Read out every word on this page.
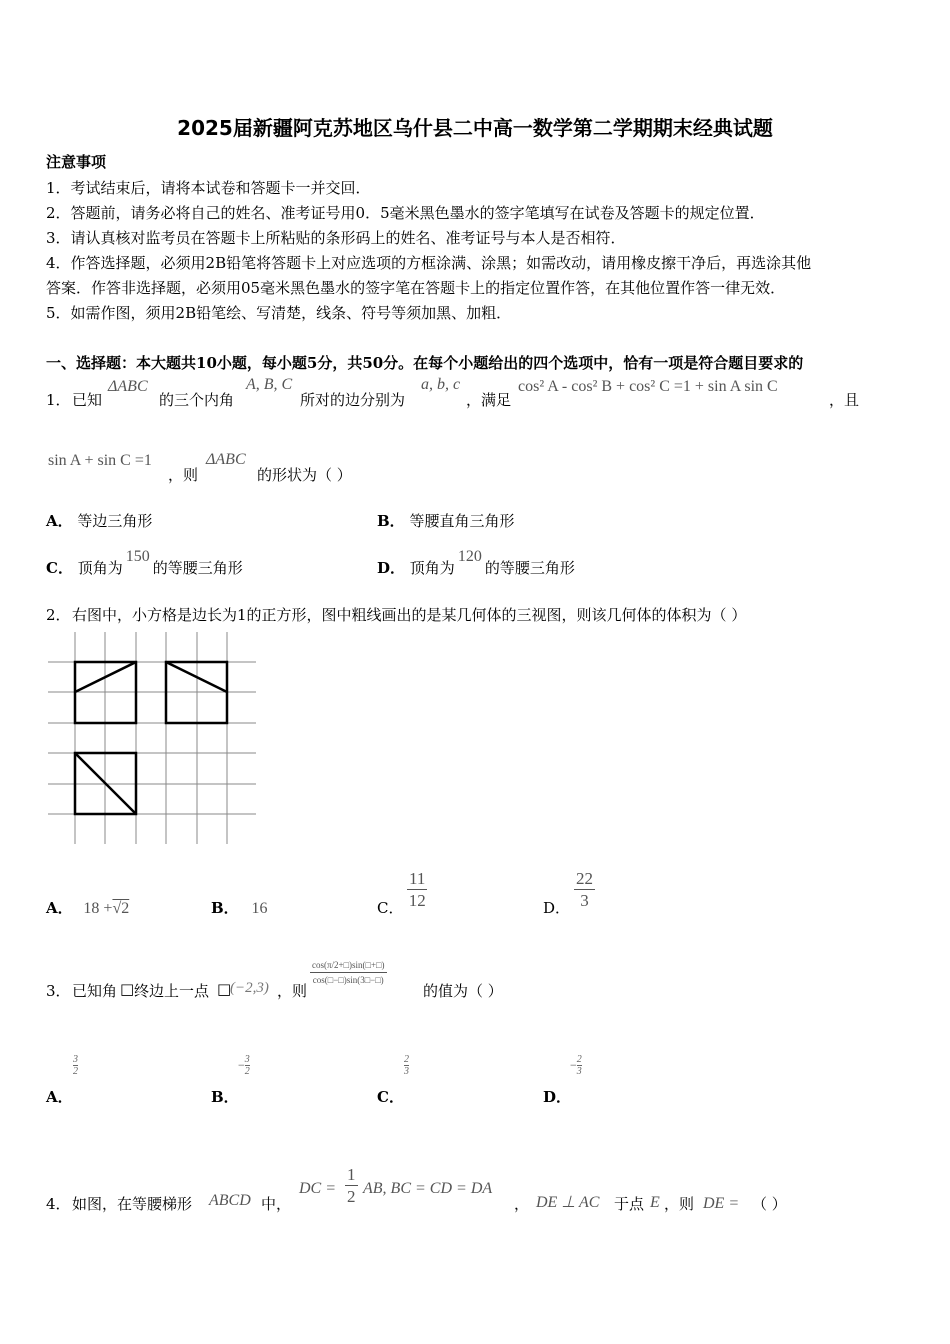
2025届新疆阿克苏地区乌什县二中高一数学第二学期期末经典试题
注意事项
1．考试结束后，请将本试卷和答题卡一并交回．
2．答题前，请务必将自己的姓名、准考证号用0．5毫米黑色墨水的签字笔填写在试卷及答题卡的规定位置．
3．请认真核对监考员在答题卡上所粘贴的条形码上的姓名、准考证号与本人是否相符．
4．作答选择题，必须用2B铅笔将答题卡上对应选项的方框涂满、涂黑；如需改动，请用橡皮擦干净后，再选涂其他
答案．作答非选择题，必须用05毫米黑色墨水的签字笔在答题卡上的指定位置作答，在其他位置作答一律无效．
5．如需作图，须用2B铅笔绘、写清楚，线条、符号等须加黑、加粗．
一、选择题：本大题共10小题，每小题5分，共50分。在每个小题给出的四个选项中，恰有一项是符合题目要求的
1． 已知
ΔABC
的三个内角
A, B, C
所对的边分别为
a, b, c
，满足
cos² A - cos² B + cos² C =1 + sin A sin C
，且
sin A + sin C =1
，则
ΔABC
的形状为（ ）
A． 等边三角形	B． 等腰直角三角形
C． 顶角为150的等腰三角形	D． 顶角为120的等腰三角形
2． 右图中，小方格是边长为1的正方形，图中粗线画出的是某几何体的三视图，则该几何体的体积为（ ）
A． 18 +√2	B． 16	C． $\frac{11}{12}$	D． $\frac{22}{3}$
3． 已知角 □ 终边上一点 □
(−2,3) ，则
cos(π/2+□)sin(□+□)
cos(□−□)sin(3□−□)
的值为（ ）
A．
$\frac{3}{2}$
B．
− $\frac{3}{2}$
C．
$\frac{2}{3}$
D．
− $\frac{2}{3}$
4． 如图，在等腰梯形 ABCD 中，
DC = $\frac{1}{2}$ AB, BC = CD = DA
， DE ⊥ AC 于点 E ，则 DE = （ ）
